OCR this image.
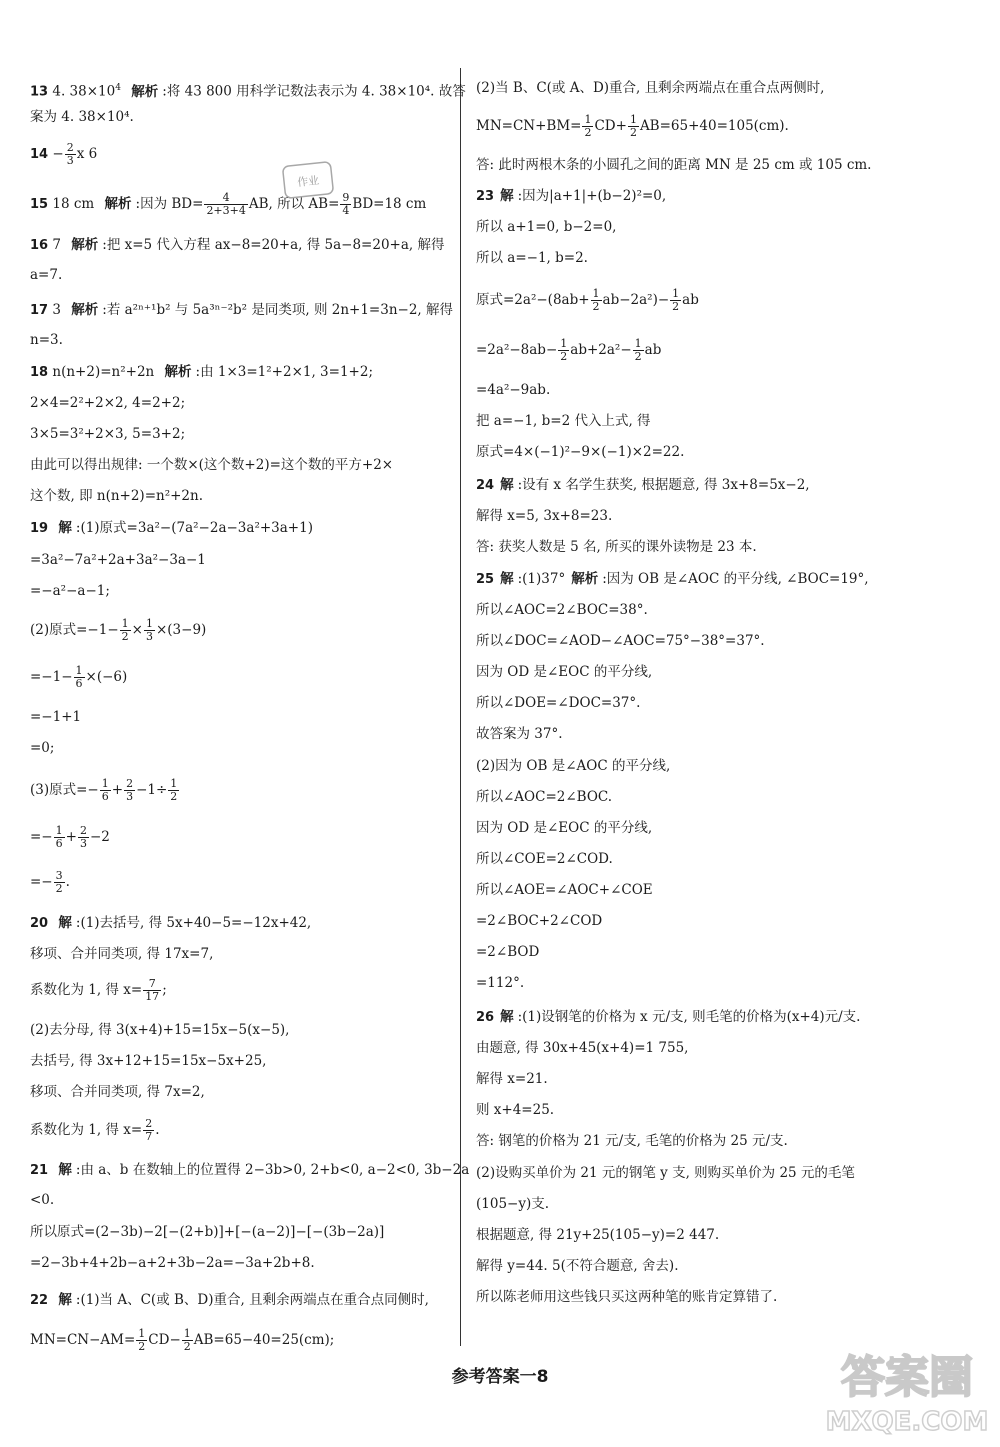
13 4. $38\times 10^4$ 解析 :将 43 800 用科学记数法表示为 4. 38×10⁴. 故答
案为 4. 38×10⁴.
$14 - \frac{2}{3}$ x 6
15 18 cm 解析 :因为 $BD= \frac{4}{2+3+4}$ AB, 所以 $AB= \frac{9}{4} BD=18$ cm
16 7 解析 :把 x=5 代入方程 ax−8=20+a, 得 5a−8=20+a, 解得
a=7.
17 3 解析 :若 a²ⁿ⁺¹b² 与 5a³ⁿ⁻²b² 是同类项, 则 2n+1=3n−2, 解得
n=3.
18 n(n+2)=n²+2n 解析 :由 1×3=1²+2×1, 3=1+2;
2×4=2²+2×2, 4=2+2;
3×5=3²+2×3, 5=3+2;
由此可以得出规律: 一个数×(这个数+2)=这个数的平方+2×
这个数, 即 n(n+2)=n²+2n.
19 解 :(1)原式=3a²−(7a²−2a−3a²+3a+1)
=3a²−7a²+2a+3a²−3a−1
=−a²−a−1;
(2)原式$=-1- \frac{1}{2} \times \frac{1}{3} \times(3-9)$
$=-1- \frac{1}{6} \times(-6)$
=−1+1
=0;
(3)原式=− $\frac{1}{6} + \frac{2}{3} -1\div \frac{1}{2}$
=− $\frac{1}{6} + \frac{2}{3} -2$
=− $\frac{3}{2}$ .
20 解 :(1)去括号, 得 5x+40−5=−12x+42,
移项、合并同类项, 得 17x=7,
系数化为 1, 得 $x= \frac{7}{17}$ ;
(2)去分母, 得 3(x+4)+15=15x−5(x−5),
去括号, 得 3x+12+15=15x−5x+25,
移项、合并同类项, 得 7x=2,
系数化为 1, 得 $x= \frac{2}{7}$ .
21 解 :由 a、b 在数轴上的位置得 2−3b>0, 2+b<0, a−2<0, 3b−2a
<0.
所以原式=(2−3b)−2[−(2+b)]+[−(a−2)]−[−(3b−2a)]
=2−3b+4+2b−a+2+3b−2a=−3a+2b+8.
22 解 :(1)当 A、C(或 B、D)重合, 且剩余两端点在重合点同侧时,
$MN=CN-AM= \frac{1}{2} CD- \frac{1}{2} AB=65-40=25(cm)$;
(2)当 B、C(或 A、D)重合, 且剩余两端点在重合点两侧时,
$MN=CN+BM= \frac{1}{2} CD+ \frac{1}{2} AB=65+40=105(cm)$.
答: 此时两根木条的小圆孔之间的距离 MN 是 25 cm 或 105 cm.
23 解 :因为|a+1|+(b−2)²=0,
所以 a+1=0, b−2=0,
所以 a=−1, b=2.
原式$=2a^2-(8ab+ \frac{1}{2} ab-2a^2)- \frac{1}{2}$ ab
$=2a^2-8ab- \frac{1}{2} ab+2a^2- \frac{1}{2}$ ab
=4a²−9ab.
把 a=−1, b=2 代入上式, 得
原式=4×(−1)²−9×(−1)×2=22.
24 解 :设有 x 名学生获奖, 根据题意, 得 3x+8=5x−2,
解得 x=5, 3x+8=23.
答: 获奖人数是 5 名, 所买的课外读物是 23 本.
25 解 :(1)37° 解析 :因为 OB 是∠AOC 的平分线, ∠BOC=19°,
所以∠AOC=2∠BOC=38°.
所以∠DOC=∠AOD−∠AOC=75°−38°=37°.
因为 OD 是∠EOC 的平分线,
所以∠DOE=∠DOC=37°.
故答案为 37°.
(2)因为 OB 是∠AOC 的平分线,
所以∠AOC=2∠BOC.
因为 OD 是∠EOC 的平分线,
所以∠COE=2∠COD.
所以∠AOE=∠AOC+∠COE
=2∠BOC+2∠COD
=2∠BOD
=112°.
26 解 :(1)设钢笔的价格为 x 元/支, 则毛笔的价格为(x+4)元/支.
由题意, 得 30x+45(x+4)=1 755,
解得 x=21.
则 x+4=25.
答: 钢笔的价格为 21 元/支, 毛笔的价格为 25 元/支.
(2)设购买单价为 21 元的钢笔 y 支, 则购买单价为 25 元的毛笔
(105−y)支.
根据题意, 得 21y+25(105−y)=2 447.
解得 y=44. 5(不符合题意, 舍去).
所以陈老师用这些钱只买这两种笔的账肯定算错了.
作业
参考答案一8	答案圈
MXQE.COM
